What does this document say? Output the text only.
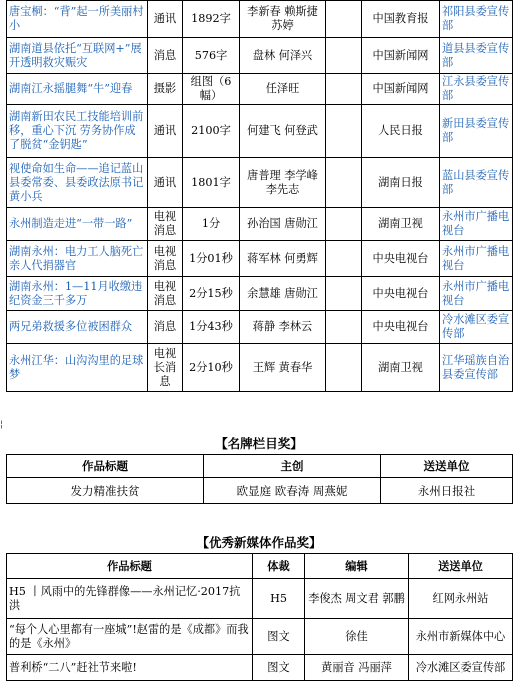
唐宝桐：“背”起一所美丽村小	通讯	1892字	李新春 赖斯捷　苏婷		中国教育报	祁阳县委宣传部
湖南道县依托“互联网+”展开透明救灾赈灾	消息	576字	盘林 何泽兴		中国新闻网	道县县委宣传部
湖南江永摇腿舞“牛”迎春	摄影	组图（6幅）	任泽旺		中国新闻网	江永县委宣传部
湖南新田农民工技能培训前移，重心下沉 劳务协作成了脱贫“金钥匙”	通讯	2100字	何建飞 何登武		人民日报	新田县委宣传部
视使命如生命——追记蓝山县委常委、县委政法原书记黄小兵	通讯	1801字	唐普理 李学峰 李先志		湖南日报	蓝山县委宣传部
永州制造走进“一带一路”	电视消息	1分	孙治国 唐勋江		湖南卫视	永州市广播电视台
湖南永州：电力工人脑死亡 亲人代捐器官	电视消息	1分01秒	蒋军林 何勇辉		中央电视台	永州市广播电视台
湖南永州：1—11月收缴违纪资金三千多万	电视消息	2分15秒	余慧雄 唐勋江		中央电视台	永州市广播电视台
两兄弟救援多位被困群众	消息	1分43秒	蒋静 李林云		中央电视台	冷水滩区委宣传部
永州江华：山沟沟里的足球梦	电视长消息	2分10秒	王辉 黄春华		湖南卫视	江华瑶族自治县委宣传部
¦
【名牌栏目奖】
作品标题	主创	送送单位
发力精准扶贫	欧显庭 欧春涛 周燕妮	永州日报社
【优秀新媒体作品奖】
作品标题	体裁	编辑	送送单位
H5 丨风雨中的先锋群像——永州记忆·2017抗洪	H5	李俊杰 周文君 郭鹏	红网永州站
“每个人心里都有一座城”!赵雷的是《成都》而我的是《永州》	图文	徐佳	永州市新媒体中心
普利桥“二八”赶社节来啦!	图文	黄丽音 冯丽萍	冷水滩区委宣传部
